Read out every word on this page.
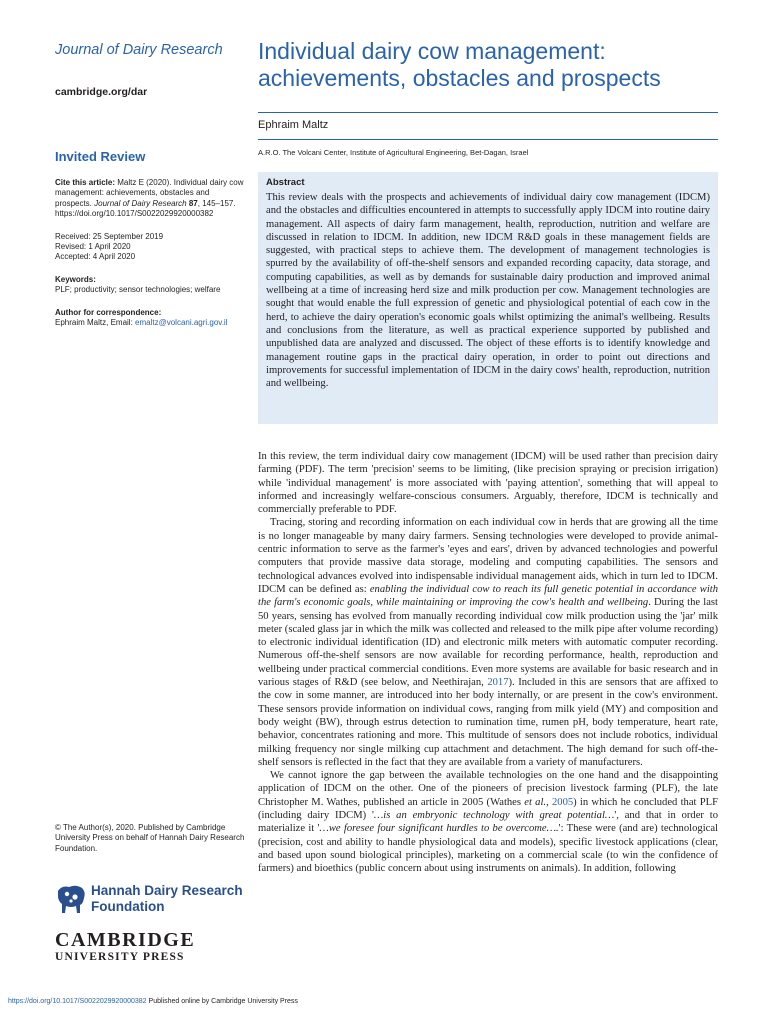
Journal of Dairy Research
cambridge.org/dar
Individual dairy cow management: achievements, obstacles and prospects
Ephraim Maltz
A.R.O. The Volcani Center, Institute of Agricultural Engineering, Bet-Dagan, Israel
Invited Review

Cite this article: Maltz E (2020). Individual dairy cow management: achievements, obstacles and prospects. Journal of Dairy Research 87, 145–157. https://doi.org/10.1017/S0022029920000382

Received: 25 September 2019
Revised: 1 April 2020
Accepted: 4 April 2020

Keywords:
PLF; productivity; sensor technologies; welfare

Author for correspondence:
Ephraim Maltz, Email: emaltz@volcani.agri.gov.il

Abstract

This review deals with the prospects and achievements of individual dairy cow management (IDCM) and the obstacles and difficulties encountered in attempts to successfully apply IDCM into routine dairy management. All aspects of dairy farm management, health, reproduction, nutrition and welfare are discussed in relation to IDCM. In addition, new IDCM R&D goals in these management fields are suggested, with practical steps to achieve them. The development of management technologies is spurred by the availability of off-the-shelf sensors and expanded recording capacity, data storage, and computing capabilities, as well as by demands for sustainable dairy production and improved animal wellbeing at a time of increasing herd size and milk production per cow. Management technologies are sought that would enable the full expression of genetic and physiological potential of each cow in the herd, to achieve the dairy operation's economic goals whilst optimizing the animal's wellbeing. Results and conclusions from the literature, as well as practical experience supported by published and unpublished data are analyzed and discussed. The object of these efforts is to identify knowledge and management routine gaps in the practical dairy operation, in order to point out directions and improvements for successful implementation of IDCM in the dairy cows' health, reproduction, nutrition and wellbeing.

In this review, the term individual dairy cow management (IDCM) will be used rather than precision dairy farming (PDF). The term 'precision' seems to be limiting, (like precision spraying or precision irrigation) while 'individual management' is more associated with 'paying attention', something that will appeal to informed and increasingly welfare-conscious consumers. Arguably, therefore, IDCM is technically and commercially preferable to PDF.

Tracing, storing and recording information on each individual cow in herds that are growing all the time is no longer manageable by many dairy farmers. Sensing technologies were developed to provide animal-centric information to serve as the farmer's 'eyes and ears', driven by advanced technologies and powerful computers that provide massive data storage, modeling and computing capabilities. The sensors and technological advances evolved into indispensable individual management aids, which in turn led to IDCM. IDCM can be defined as: enabling the individual cow to reach its full genetic potential in accordance with the farm's economic goals, while maintaining or improving the cow's health and wellbeing. During the last 50 years, sensing has evolved from manually recording individual cow milk production using the 'jar' milk meter (scaled glass jar in which the milk was collected and released to the milk pipe after volume recording) to electronic individual identification (ID) and electronic milk meters with automatic computer recording. Numerous off-the-shelf sensors are now available for recording performance, health, reproduction and wellbeing under practical commercial conditions. Even more systems are available for basic research and in various stages of R&D (see below, and Neethirajan, 2017). Included in this are sensors that are affixed to the cow in some manner, are introduced into her body internally, or are present in the cow's environment. These sensors provide information on individual cows, ranging from milk yield (MY) and composition and body weight (BW), through estrus detection to rumination time, rumen pH, body temperature, heart rate, behavior, concentrates rationing and more. This multitude of sensors does not include robotics, individual milking frequency nor single milking cup attachment and detachment. The high demand for such off-the-shelf sensors is reflected in the fact that they are available from a variety of manufacturers.

We cannot ignore the gap between the available technologies on the one hand and the disappointing application of IDCM on the other. One of the pioneers of precision livestock farming (PLF), the late Christopher M. Wathes, published an article in 2005 (Wathes et al., 2005) in which he concluded that PLF (including dairy IDCM) '…is an embryonic technology with great potential…', and that in order to materialize it '…we foresee four significant hurdles to be overcome….': These were (and are) technological (precision, cost and ability to handle physiological data and models), specific livestock applications (clear, and based upon sound biological principles), marketing on a commercial scale (to win the confidence of farmers) and bioethics (public concern about using instruments on animals). In addition, following

© The Author(s), 2020. Published by Cambridge University Press on behalf of Hannah Dairy Research Foundation.
Hannah Dairy Research
Foundation
CAMBRIDGE
UNIVERSITY PRESS
https://doi.org/10.1017/S0022029920000382 Published online by Cambridge University Press
